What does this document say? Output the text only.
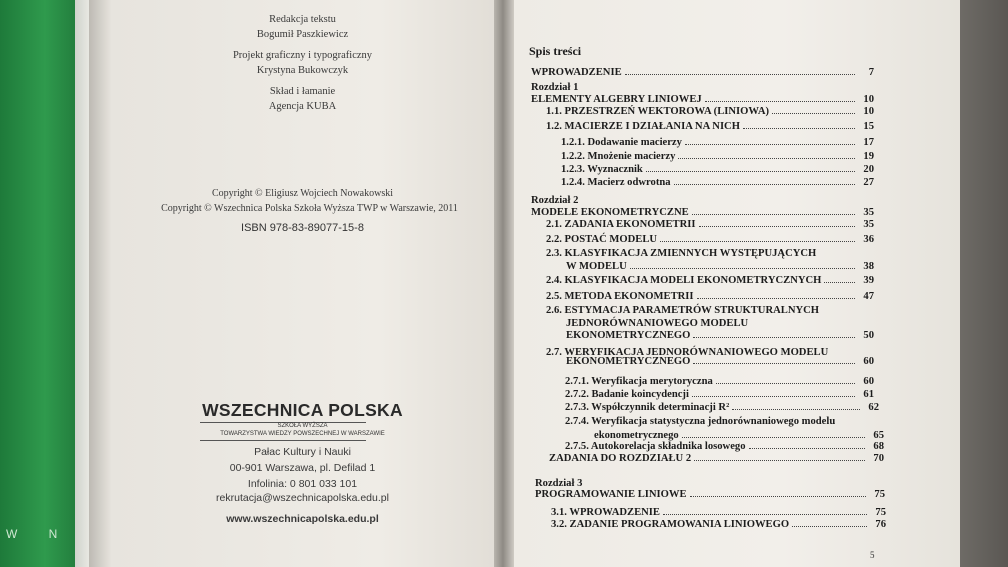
W N
Redakcja tekstu
Bogumił Paszkiewicz
Projekt graficzny i typograficzny
Krystyna Bukowczyk
Skład i łamanie
Agencja KUBA
Copyright © Eligiusz Wojciech Nowakowski
Copyright © Wszechnica Polska Szkoła Wyższa TWP w Warszawie, 2011
ISBN 978-83-89077-15-8
WSZECHNICA POLSKA
SZKOŁA WYŻSZA
TOWARZYSTWA WIEDZY POWSZECHNEJ W WARSZAWIE
Pałac Kultury i Nauki
00-901 Warszawa, pl. Defilad 1
Infolinia: 0 801 033 101
rekrutacja@wszechnicapolska.edu.pl
www.wszechnicapolska.edu.pl
Spis treści
WPROWADZENIE	7
Rozdział 1
ELEMENTY ALGEBRY LINIOWEJ	10
1.1. PRZESTRZEŃ WEKTOROWA (LINIOWA)	10
1.2. MACIERZE I DZIAŁANIA NA NICH	15
1.2.1. Dodawanie macierzy	17
1.2.2. Mnożenie macierzy	19
1.2.3. Wyznacznik	20
1.2.4. Macierz odwrotna	27
Rozdział 2
MODELE EKONOMETRYCZNE	35
2.1. ZADANIA EKONOMETRII	35
2.2. POSTAĆ MODELU	36
2.3. KLASYFIKACJA ZMIENNYCH WYSTĘPUJĄCYCH
W MODELU	38
2.4. KLASYFIKACJA MODELI EKONOMETRYCZNYCH	39
2.5. METODA EKONOMETRII	47
2.6. ESTYMACJA PARAMETRÓW STRUKTURALNYCH
JEDNORÓWNANIOWEGO MODELU
EKONOMETRYCZNEGO	50
2.7. WERYFIKACJA JEDNORÓWNANIOWEGO MODELU
EKONOMETRYCZNEGO	60
2.7.1. Weryfikacja merytoryczna	60
2.7.2. Badanie koincydencji	61
2.7.3. Współczynnik determinacji R²	62
2.7.4. Weryfikacja statystyczna jednorównaniowego modelu
ekonometrycznego	65
2.7.5. Autokorelacja składnika losowego	68
ZADANIA DO ROZDZIAŁU 2	70
Rozdział 3
PROGRAMOWANIE LINIOWE	75
3.1. WPROWADZENIE	75
3.2. ZADANIE PROGRAMOWANIA LINIOWEGO	76
5
